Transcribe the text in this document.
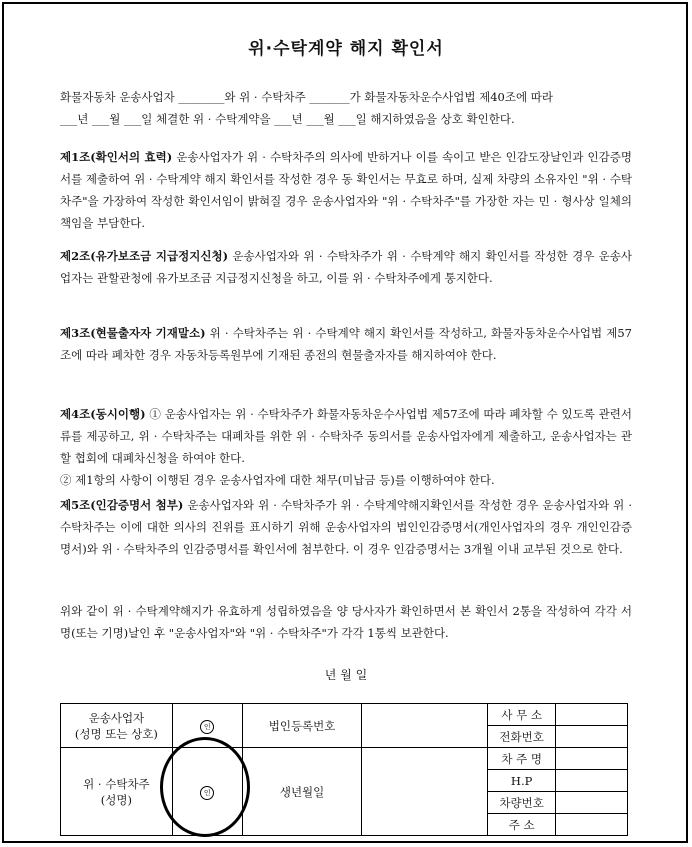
위·수탁계약 해지 확인서
화물자동차 운송사업자 ________와 위 · 수탁차주 _______가 화물자동차운수사업법 제40조에 따라
___년 ___월 ___일 체결한 위 · 수탁계약을 ___년 ___월 ___일 해지하였음을 상호 확인한다.
제1조(확인서의 효력) 운송사업자가 위 · 수탁차주의 의사에 반하거나 이를 속이고 받은 인감도장날인과 인감증명서를 제출하여 위 · 수탁계약 해지 확인서를 작성한 경우 동 확인서는 무효로 하며, 실제 차량의 소유자인 "위 · 수탁차주"을 가장하여 작성한 확인서임이 밝혀질 경우 운송사업자와 "위 · 수탁차주"를 가장한 자는 민 · 형사상 일체의 책임을 부담한다.
제2조(유가보조금 지급정지신청) 운송사업자와 위 · 수탁차주가 위 · 수탁계약 해지 확인서를 작성한 경우 운송사업자는 관할관청에 유가보조금 지급정지신청을 하고, 이를 위 · 수탁차주에게 통지한다.
제3조(현물출자자 기재말소) 위 · 수탁차주는 위 · 수탁계약 해지 확인서를 작성하고, 화물자동차운수사업법 제57조에 따라 폐차한 경우 자동차등록원부에 기재된 종전의 현물출자자를 해지하여야 한다.
제4조(동시이행) ① 운송사업자는 위 · 수탁차주가 화물자동차운수사업법 제57조에 따라 폐차할 수 있도록 관련서류를 제공하고, 위 · 수탁차주는 대폐차를 위한 위 · 수탁차주 동의서를 운송사업자에게 제출하고, 운송사업자는 관할 협회에 대폐차신청을 하여야 한다.
② 제1항의 사항이 이행된 경우 운송사업자에 대한 채무(미납금 등)를 이행하여야 한다.
제5조(인감증명서 첨부) 운송사업자와 위 · 수탁차주가 위 · 수탁계약해지확인서를 작성한 경우 운송사업자와 위 · 수탁차주는 이에 대한 의사의 진위를 표시하기 위해 운송사업자의 법인인감증명서(개인사업자의 경우 개인인감증명서)와 위 · 수탁차주의 인감증명서를 확인서에 첨부한다. 이 경우 인감증명서는 3개월 이내 교부된 것으로 한다.
위와 같이 위 · 수탁계약해지가 유효하게 성립하였음을 양 당사자가 확인하면서 본 확인서 2통을 작성하여 각각 서명(또는 기명)날인 후 "운송사업자"와 "위 · 수탁차주"가 각각 1통씩 보관한다.
년 월 일
운송사업자
(성명 또는 상호)	인	법인등록번호		사 무 소	
				전화번호	

위 · 수탁차주
(성명)	인	생년월일		차 주 명	
				H.P	
				차량번호	
				주 소	
